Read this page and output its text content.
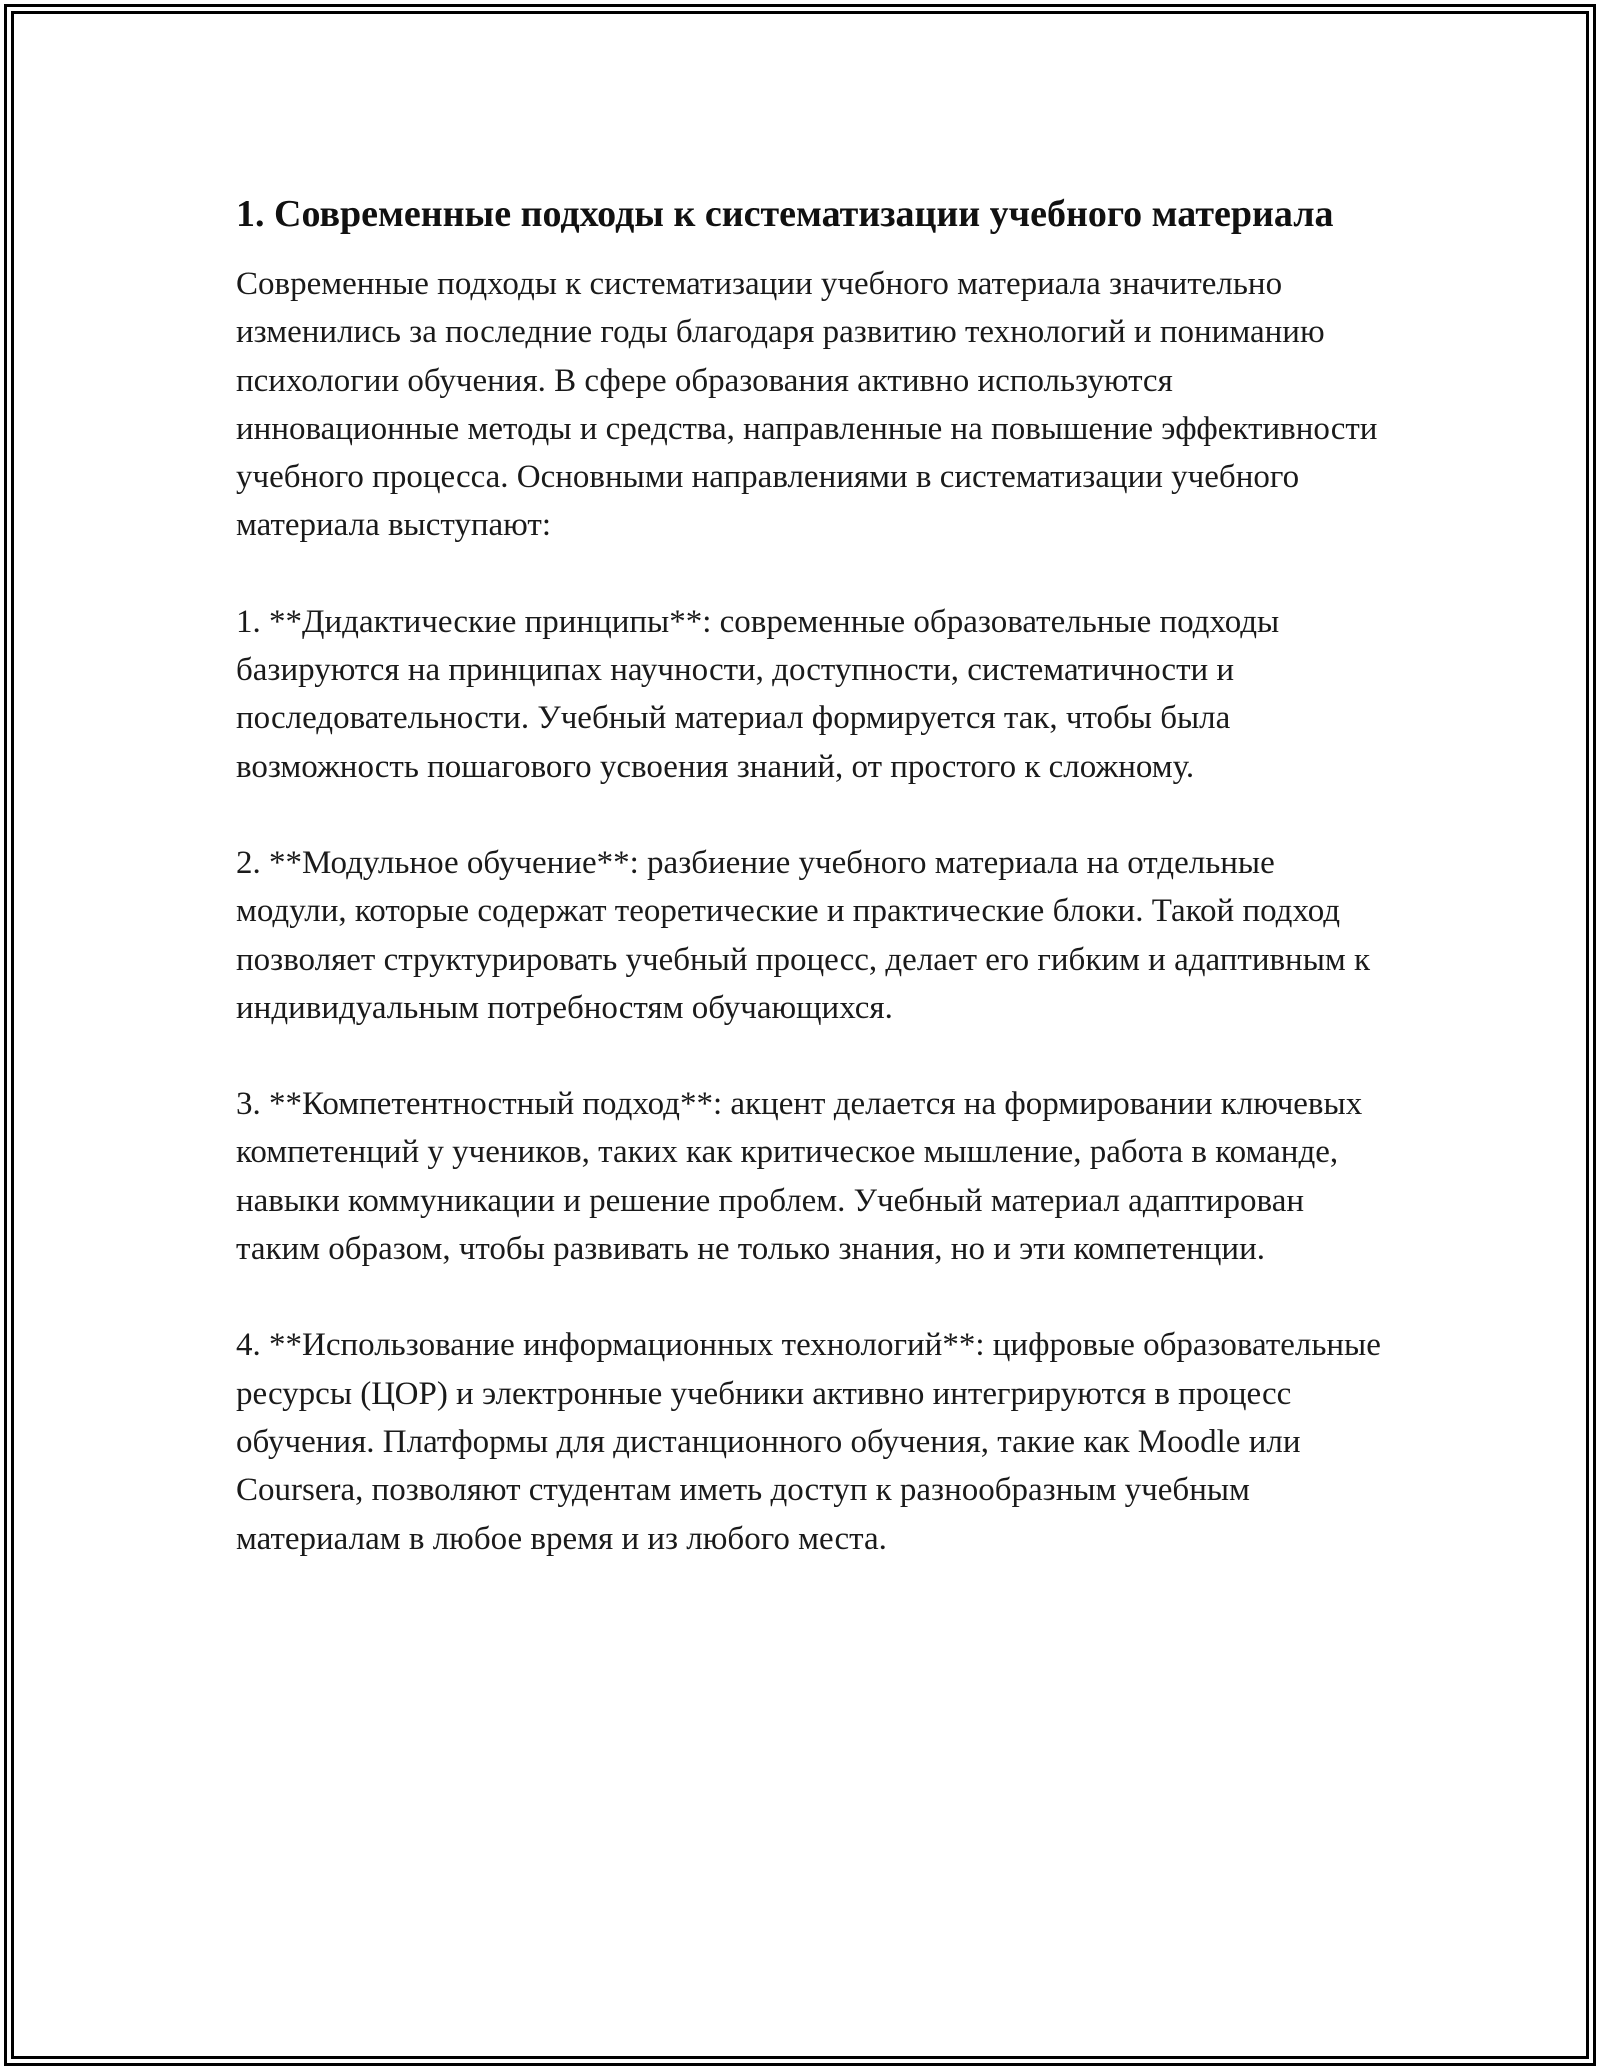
1. Современные подходы к систематизации учебного материала

Современные подходы к систематизации учебного материала значительно изменились за последние годы благодаря развитию технологий и пониманию психологии обучения. В сфере образования активно используются инновационные методы и средства, направленные на повышение эффективности учебного процесса. Основными направлениями в систематизации учебного материала выступают:

1. **Дидактические принципы**: современные образовательные подходы базируются на принципах научности, доступности, систематичности и последовательности. Учебный материал формируется так, чтобы была возможность пошагового усвоения знаний, от простого к сложному.

2. **Модульное обучение**: разбиение учебного материала на отдельные модули, которые содержат теоретические и практические блоки. Такой подход позволяет структурировать учебный процесс, делает его гибким и адаптивным к индивидуальным потребностям обучающихся.

3. **Компетентностный подход**: акцент делается на формировании ключевых компетенций у учеников, таких как критическое мышление, работа в команде, навыки коммуникации и решение проблем. Учебный материал адаптирован таким образом, чтобы развивать не только знания, но и эти компетенции.

4. **Использование информационных технологий**: цифровые образовательные ресурсы (ЦОР) и электронные учебники активно интегрируются в процесс обучения. Платформы для дистанционного обучения, такие как Moodle или Coursera, позволяют студентам иметь доступ к разнообразным учебным материалам в любое время и из любого места.
